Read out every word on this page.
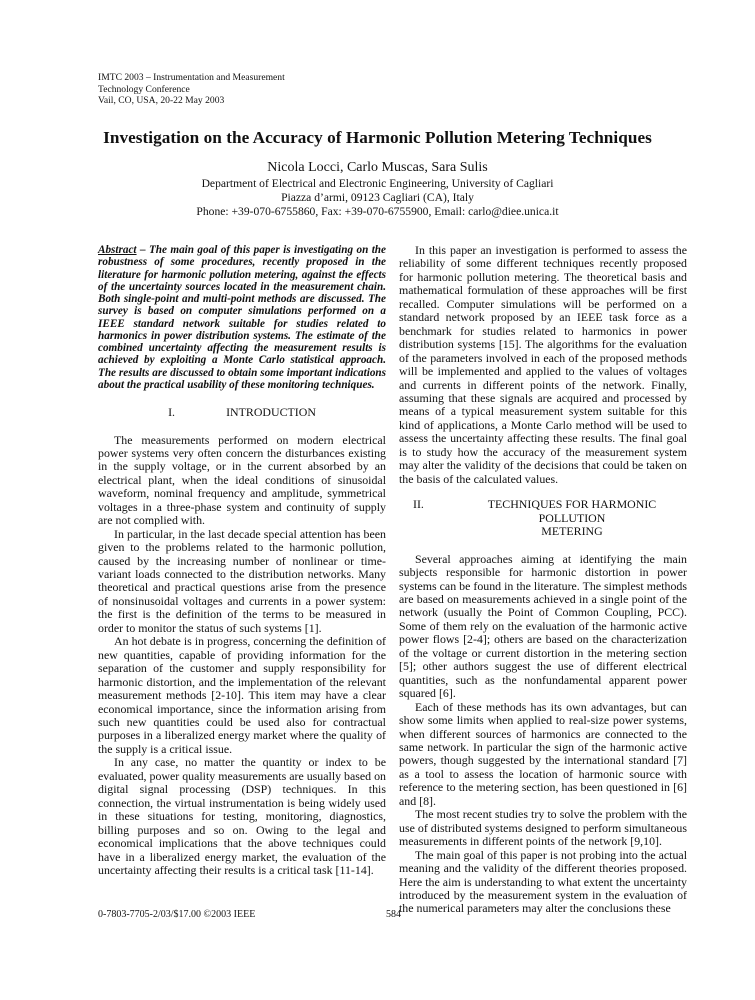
IMTC 2003 – Instrumentation and Measurement
Technology Conference
Vail, CO, USA, 20-22 May 2003
Investigation on the Accuracy of Harmonic Pollution Metering Techniques
Nicola Locci, Carlo Muscas, Sara Sulis
Department of Electrical and Electronic Engineering, University of Cagliari
Piazza d’armi, 09123 Cagliari (CA), Italy
Phone: +39-070-6755860, Fax: +39-070-6755900, Email: carlo@diee.unica.it

Abstract – The main goal of this paper is investigating on the robustness of some procedures, recently proposed in the literature for harmonic pollution metering, against the effects of the uncertainty sources located in the measurement chain. Both single-point and multi-point methods are discussed. The survey is based on computer simulations performed on a IEEE standard network suitable for studies related to harmonics in power distribution systems. The estimate of the combined uncertainty affecting the measurement results is achieved by exploiting a Monte Carlo statistical approach. The results are discussed to obtain some important indications about the practical usability of these monitoring techniques.

I.	INTRODUCTION

The measurements performed on modern electrical power systems very often concern the disturbances existing in the supply voltage, or in the current absorbed by an electrical plant, when the ideal conditions of sinusoidal waveform, nominal frequency and amplitude, symmetrical voltages in a three-phase system and continuity of supply are not complied with.

In particular, in the last decade special attention has been given to the problems related to the harmonic pollution, caused by the increasing number of nonlinear or time-variant loads connected to the distribution networks. Many theoretical and practical questions arise from the presence of nonsinusoidal voltages and currents in a power system: the first is the definition of the terms to be measured in order to monitor the status of such systems [1].

An hot debate is in progress, concerning the definition of new quantities, capable of providing information for the separation of the customer and supply responsibility for harmonic distortion, and the implementation of the relevant measurement methods [2-10]. This item may have a clear economical importance, since the information arising from such new quantities could be used also for contractual purposes in a liberalized energy market where the quality of the supply is a critical issue.

In any case, no matter the quantity or index to be evaluated, power quality measurements are usually based on digital signal processing (DSP) techniques. In this connection, the virtual instrumentation is being widely used in these situations for testing, monitoring, diagnostics, billing purposes and so on. Owing to the legal and economical implications that the above techniques could have in a liberalized energy market, the evaluation of the uncertainty affecting their results is a critical task [11-14].

In this paper an investigation is performed to assess the reliability of some different techniques recently proposed for harmonic pollution metering. The theoretical basis and mathematical formulation of these approaches will be first recalled. Computer simulations will be performed on a standard network proposed by an IEEE task force as a benchmark for studies related to harmonics in power distribution systems [15]. The algorithms for the evaluation of the parameters involved in each of the proposed methods will be implemented and applied to the values of voltages and currents in different points of the network. Finally, assuming that these signals are acquired and processed by means of a typical measurement system suitable for this kind of applications, a Monte Carlo method will be used to assess the uncertainty affecting these results. The final goal is to study how the accuracy of the measurement system may alter the validity of the decisions that could be taken on the basis of the calculated values.

II.	TECHNIQUES FOR HARMONIC POLLUTION
METERING

Several approaches aiming at identifying the main subjects responsible for harmonic distortion in power systems can be found in the literature. The simplest methods are based on measurements achieved in a single point of the network (usually the Point of Common Coupling, PCC). Some of them rely on the evaluation of the harmonic active power flows [2-4]; others are based on the characterization of the voltage or current distortion in the metering section [5]; other authors suggest the use of different electrical quantities, such as the nonfundamental apparent power squared [6].

Each of these methods has its own advantages, but can show some limits when applied to real-size power systems, when different sources of harmonics are connected to the same network. In particular the sign of the harmonic active powers, though suggested by the international standard [7] as a tool to assess the location of harmonic source with reference to the metering section, has been questioned in [6] and [8].

The most recent studies try to solve the problem with the use of distributed systems designed to perform simultaneous measurements in different points of the network [9,10].

The main goal of this paper is not probing into the actual meaning and the validity of the different theories proposed. Here the aim is understanding to what extent the uncertainty introduced by the measurement system in the evaluation of the numerical parameters may alter the conclusions these

0-7803-7705-2/03/$17.00 ©2003 IEEE	584
